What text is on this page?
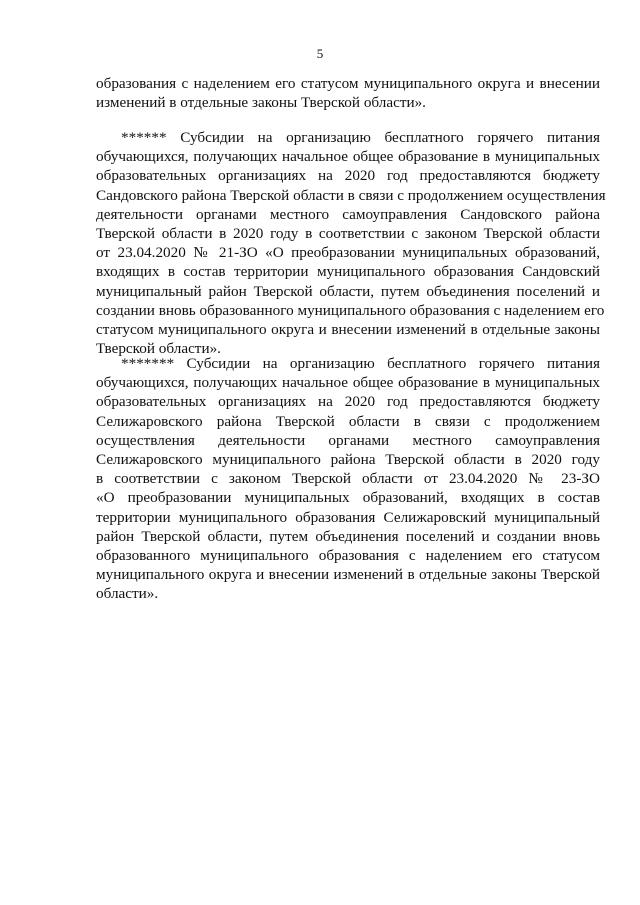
5
образования с наделением его статусом муниципального округа и внесении
изменений в отдельные законы Тверской области».
****** Субсидии на организацию бесплатного горячего питания
обучающихся, получающих начальное общее образование в муниципальных
образовательных организациях на 2020 год предоставляются бюджету
Сандовского района Тверской области в связи с продолжением осуществления
деятельности органами местного самоуправления Сандовского района
Тверской области в 2020 году в соответствии с законом Тверской области
от 23.04.2020 № 21-ЗО «О преобразовании муниципальных образований,
входящих в состав территории муниципального образования Сандовский
муниципальный район Тверской области, путем объединения поселений и
создании вновь образованного муниципального образования с наделением его
статусом муниципального округа и внесении изменений в отдельные законы
Тверской области».
******* Субсидии на организацию бесплатного горячего питания
обучающихся, получающих начальное общее образование в муниципальных
образовательных организациях на 2020 год предоставляются бюджету
Селижаровского района Тверской области в связи с продолжением
осуществления деятельности органами местного самоуправления
Селижаровского муниципального района Тверской области в 2020 году
в соответствии с законом Тверской области от 23.04.2020 № 23-ЗО
«О преобразовании муниципальных образований, входящих в состав
территории муниципального образования Селижаровский муниципальный
район Тверской области, путем объединения поселений и создании вновь
образованного муниципального образования с наделением его статусом
муниципального округа и внесении изменений в отдельные законы Тверской
области».
